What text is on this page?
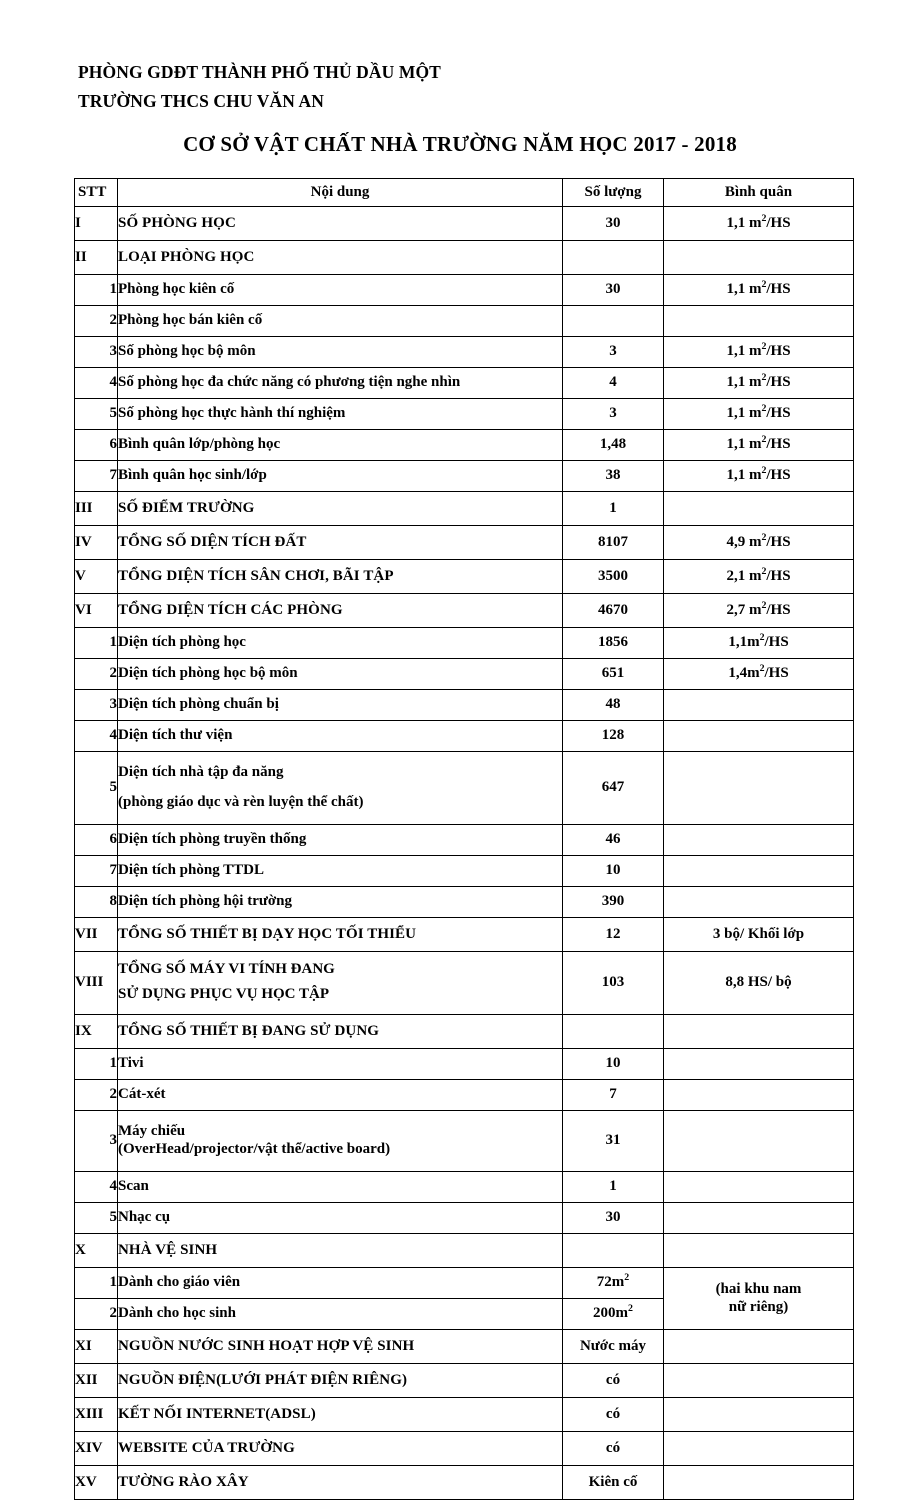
PHÒNG GDĐT THÀNH PHỐ THỦ DẦU MỘT
TRƯỜNG THCS CHU VĂN AN
CƠ SỞ VẬT CHẤT NHÀ TRƯỜNG NĂM HỌC 2017 - 2018
STT	Nội dung	Số lượng	Bình quân
I	SỐ PHÒNG HỌC	30	1,1 $m^2/HS$
II	LOẠI PHÒNG HỌC		
1	Phòng học kiên cố	30	1,1 $m^2/HS$
2	Phòng học bán kiên cố		
3	Số phòng học bộ môn	3	1,1 $m^2/HS$
4	Số phòng học đa chức năng có phương tiện nghe nhìn	4	1,1 $m^2/HS$
5	Số phòng học thực hành thí nghiệm	3	1,1 $m^2/HS$
6	Bình quân lớp/phòng học	1,48	1,1 $m^2/HS$
7	Bình quân học sinh/lớp	38	1,1 $m^2/HS$
III	SỐ ĐIỂM TRƯỜNG	1	
IV	TỔNG SỐ DIỆN TÍCH ĐẤT	8107	4,9 $m^2/HS$
V	TỔNG DIỆN TÍCH SÂN CHƠI, BÃI TẬP	3500	2,1 $m^2/HS$
VI	TỔNG DIỆN TÍCH CÁC PHÒNG	4670	2,7 $m^2/HS$
1	Diện tích phòng học	1856	$1,1m^2/HS$
2	Diện tích phòng học bộ môn	651	$1,4m^2/HS$
3	Diện tích phòng chuẩn bị	48	
4	Diện tích thư viện	128	
5	Diện tích nhà tập đa năng
(phòng giáo dục và rèn luyện thể chất)	647	
6	Diện tích phòng truyền thống	46	
7	Diện tích phòng TTDL	10	
8	Diện tích phòng hội trường	390	
VII	TỔNG SỐ THIẾT BỊ DẠY HỌC TỐI THIỂU	12	3 bộ/ Khối lớp
VIII	TỔNG SỐ MÁY VI TÍNH ĐANG
SỬ DỤNG PHỤC VỤ HỌC TẬP	103	8,8 HS/ bộ
IX	TỔNG SỐ THIẾT BỊ ĐANG SỬ DỤNG		
1	Tivi	10	
2	Cát-xét	7	
3	Máy chiếu
(OverHead/projector/vật thể/active board)	31	
4	Scan	1	
5	Nhạc cụ	30	
X	NHÀ VỆ SINH		
1	Dành cho giáo viên	$72m^2$	(hai khu nam
nữ riêng)
2	Dành cho học sinh	$200m^2$
XI	NGUỒN NƯỚC SINH HOẠT HỢP VỆ SINH	Nước máy	
XII	NGUỒN ĐIỆN(LƯỚI PHÁT ĐIỆN RIÊNG)	có	
XIII	KẾT NỐI INTERNET(ADSL)	có	
XIV	WEBSITE CỦA TRƯỜNG	có	
XV	TƯỜNG RÀO XÂY	Kiên cố	
